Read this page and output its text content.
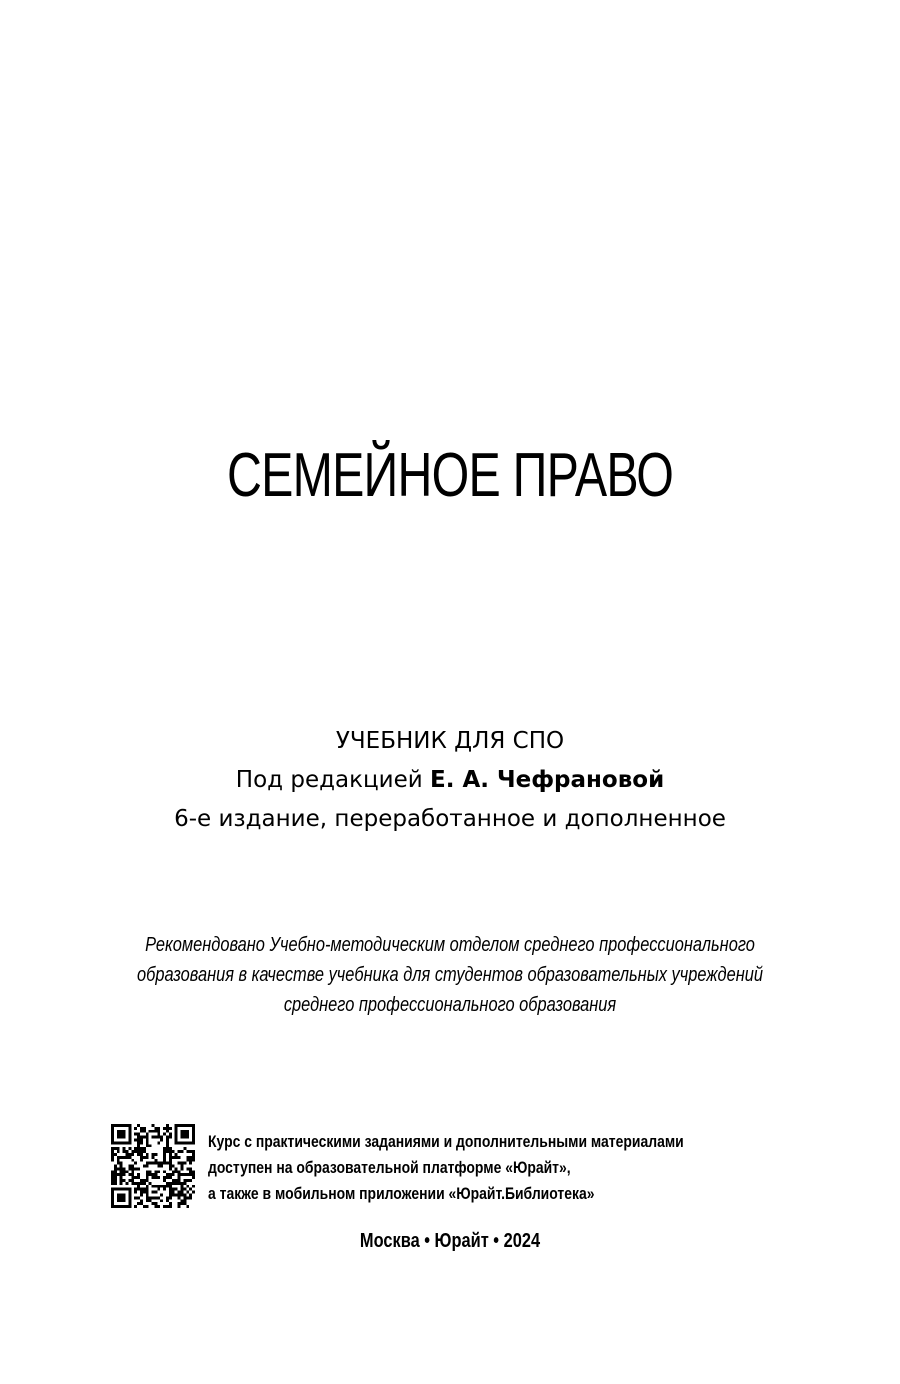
СЕМЕЙНОЕ ПРАВО
УЧЕБНИК ДЛЯ СПО
Под редакцией Е. А. Чефрановой
6-е издание, переработанное и дополненное
Рекомендовано Учебно-методическим отделом среднего профессионального
образования в качестве учебника для студентов образовательных учреждений
среднего профессионального образования
Курс с практическими заданиями и дополнительными материалами
доступен на образовательной платформе «Юрайт»,
а также в мобильном приложении «Юрайт.Библиотека»
Москва • Юрайт • 2024
